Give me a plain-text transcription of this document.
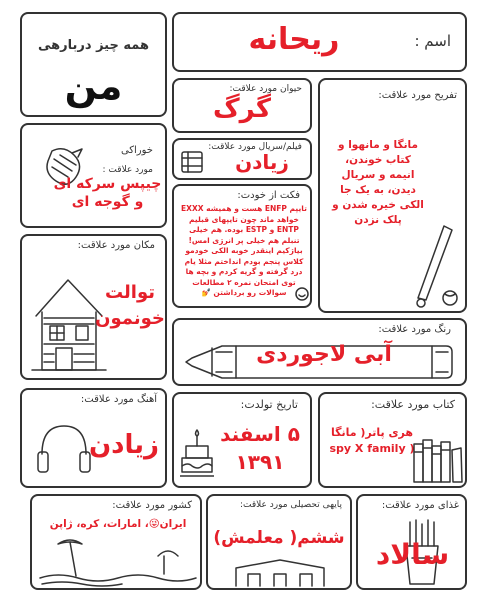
همه چیز دربارهی
من
اسم :
ریحانه
حیوان مورد علاقت:
گرگ	تفریح مورد علاقت:
مانگا و مانهوا و کتاب خوندن، انیمه و سریال دیدن، به یک جا الکی خیره شدن و پلک نزدن
خوراکی
مورد علاقت :
چیپس سرکه ای و گوجه ای
فیلم/سریال مورد علاقت:
زیادن
فکت از خودت:
تایپم ENFP هست و همیشه EXXX خواهد ماند چون تایپهای قبلیم ENTP و ESTP بوده. هم خیلی تنبلم هم خیلی پر انرژی امس! بیاژکیم اینقدر خوبه الکی خودمو کلاس پنجم بودم انداختم مثلا یام درد گرفته و گریه کردم و بچه ها توی امتحان نمره ۲ مطالعات سوالات رو برداشتن 💅
مکان مورد علاقت:
توالت خونمون
رنگ مورد علاقت:
آبی لاجوردی
آهنگ مورد علاقت:
زیادن
تاریخ تولدت:
۵ اسفند
۱۳۹۱
کتاب مورد علاقت:
هری پاتر( مانگا
( spy X family
کشور مورد علاقت:
ایران😜، امارات، کره، ژاپن
پایهی تحصیلی مورد علاقت:
ششم( معلمش)
غذای مورد علاقت:
سالاد
